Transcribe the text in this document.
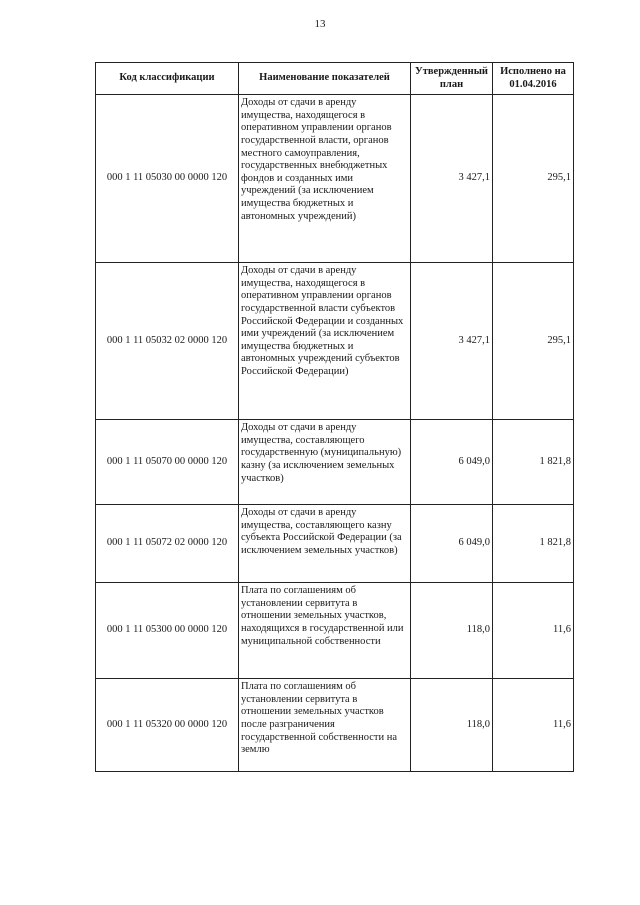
13
Код классификации	Наименование показателей	Утвержденный план	Исполнено на 01.04.2016
000 1 11 05030 00 0000 120	Доходы от сдачи в аренду имущества, находящегося в оперативном управлении органов государственной власти, органов местного самоуправления, государственных внебюджетных фондов и созданных ими учреждений (за исключением имущества бюджетных и автономных учреждений)	3 427,1	295,1
000 1 11 05032 02 0000 120	Доходы от сдачи в аренду имущества, находящегося в оперативном управлении органов государственной власти субъектов Российской Федерации и созданных ими учреждений (за исключением имущества бюджетных и автономных учреждений субъектов Российской Федерации)	3 427,1	295,1
000 1 11 05070 00 0000 120	Доходы от сдачи в аренду имущества, составляющего государственную (муниципальную) казну (за исключением земельных участков)	6 049,0	1 821,8
000 1 11 05072 02 0000 120	Доходы от сдачи в аренду имущества, составляющего казну субъекта Российской Федерации (за исключением земельных участков)	6 049,0	1 821,8
000 1 11 05300 00 0000 120	Плата по соглашениям об установлении сервитута в отношении земельных участков, находящихся в государственной или муниципальной собственности	118,0	11,6
000 1 11 05320 00 0000 120	Плата по соглашениям об установлении сервитута в отношении земельных участков после разграничения государственной собственности на землю	118,0	11,6
